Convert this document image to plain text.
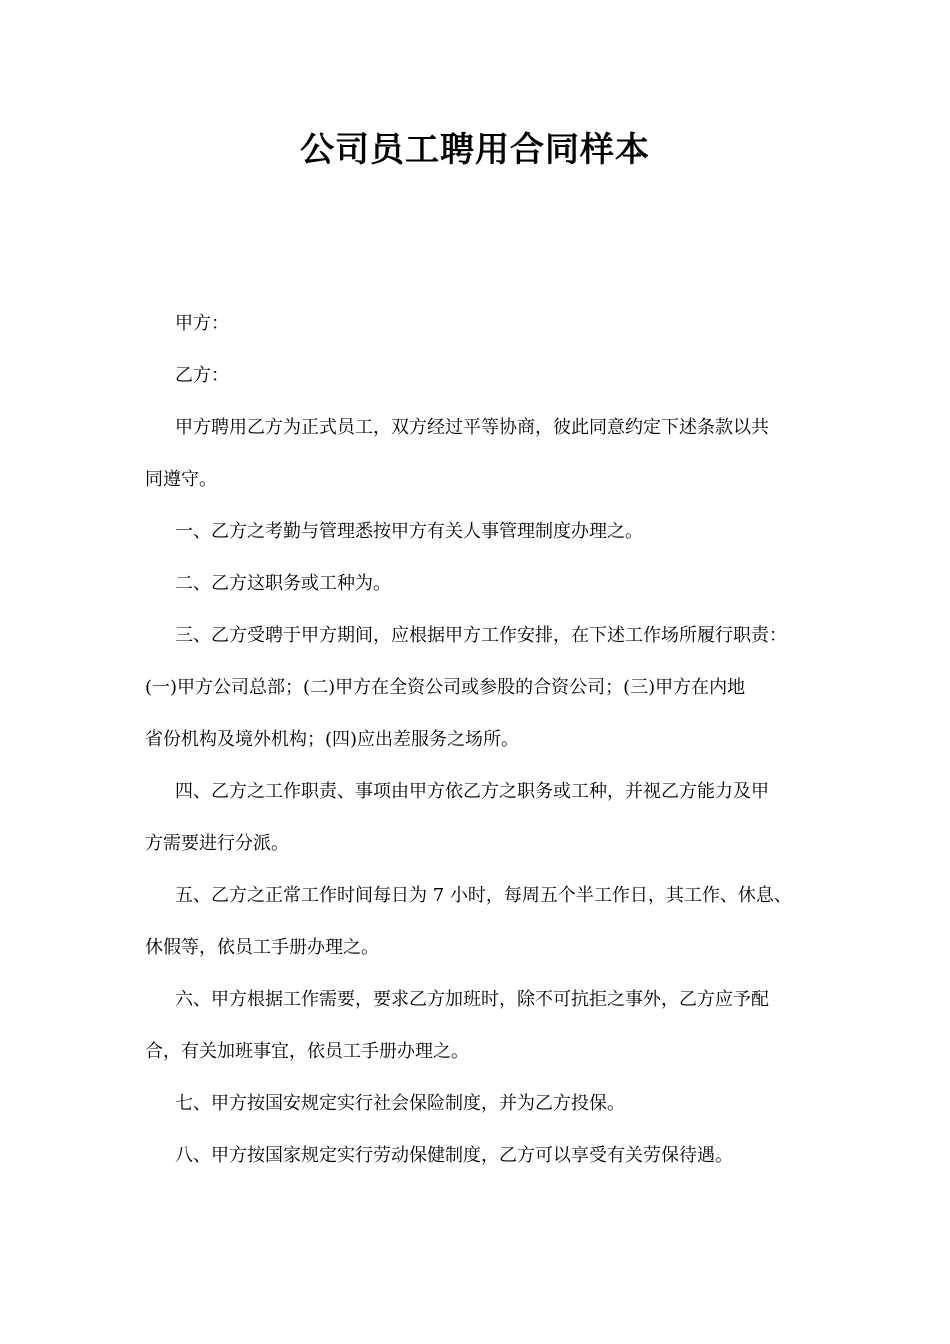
公司员工聘用合同样本
甲方：
乙方：
甲方聘用乙方为正式员工，双方经过平等协商，彼此同意约定下述条款以共
同遵守。
一、乙方之考勤与管理悉按甲方有关人事管理制度办理之。
二、乙方这职务或工种为。
三、乙方受聘于甲方期间，应根据甲方工作安排，在下述工作场所履行职责：
(一)甲方公司总部；(二)甲方在全资公司或参股的合资公司；(三)甲方在内地
省份机构及境外机构；(四)应出差服务之场所。
四、乙方之工作职责、事项由甲方依乙方之职务或工种，并视乙方能力及甲
方需要进行分派。
五、乙方之正常工作时间每日为 7 小时，每周五个半工作日，其工作、休息、
休假等，依员工手册办理之。
六、甲方根据工作需要，要求乙方加班时，除不可抗拒之事外，乙方应予配
合，有关加班事宜，依员工手册办理之。
七、甲方按国安规定实行社会保险制度，并为乙方投保。
八、甲方按国家规定实行劳动保健制度，乙方可以享受有关劳保待遇。
